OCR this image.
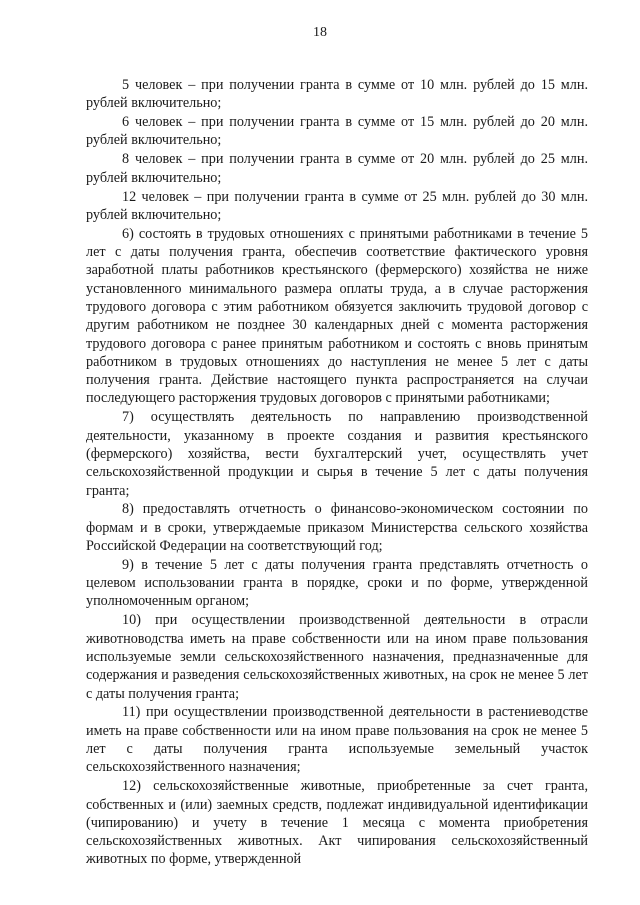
18

5 человек – при получении гранта в сумме от 10 млн. рублей до 15 млн. рублей включительно;

6 человек – при получении гранта в сумме от 15 млн. рублей до 20 млн. рублей включительно;

8 человек – при получении гранта в сумме от 20 млн. рублей до 25 млн. рублей включительно;

12 человек – при получении гранта в сумме от 25 млн. рублей до 30 млн. рублей включительно;

6) состоять в трудовых отношениях с принятыми работниками в течение 5 лет с даты получения гранта, обеспечив соответствие фактического уровня заработной платы работников крестьянского (фермерского) хозяйства не ниже установленного минимального размера оплаты труда, а в случае расторжения трудового договора с этим работником обязуется заключить трудовой договор с другим работником не позднее 30 календарных дней с момента расторжения трудового договора с ранее принятым работником и состоять с вновь принятым работником в трудовых отношениях до наступления не менее 5 лет с даты получения гранта. Действие настоящего пункта распространяется на случаи последующего расторжения трудовых договоров с принятыми работниками;

7) осуществлять деятельность по направлению производственной деятельности, указанному в проекте создания и развития крестьянского (фермерского) хозяйства, вести бухгалтерский учет, осуществлять учет сельскохозяйственной продукции и сырья в течение 5 лет с даты получения гранта;

8) предоставлять отчетность о финансово-экономическом состоянии по формам и в сроки, утверждаемые приказом Министерства сельского хозяйства Российской Федерации на соответствующий год;

9) в течение 5 лет с даты получения гранта представлять отчетность о целевом использовании гранта в порядке, сроки и по форме, утвержденной уполномоченным органом;

10) при осуществлении производственной деятельности в отрасли животноводства иметь на праве собственности или на ином праве пользования используемые земли сельскохозяйственного назначения, предназначенные для содержания и разведения сельскохозяйственных животных, на срок не менее 5 лет с даты получения гранта;

11) при осуществлении производственной деятельности в растениеводстве иметь на праве собственности или на ином праве пользования на срок не менее 5 лет с даты получения гранта используемые земельный участок сельскохозяйственного назначения;

12) сельскохозяйственные животные, приобретенные за счет гранта, собственных и (или) заемных средств, подлежат индивидуальной идентификации (чипированию) и учету в течение 1 месяца с момента приобретения сельскохозяйственных животных. Акт чипирования сельскохозяйственный животных по форме, утвержденной
